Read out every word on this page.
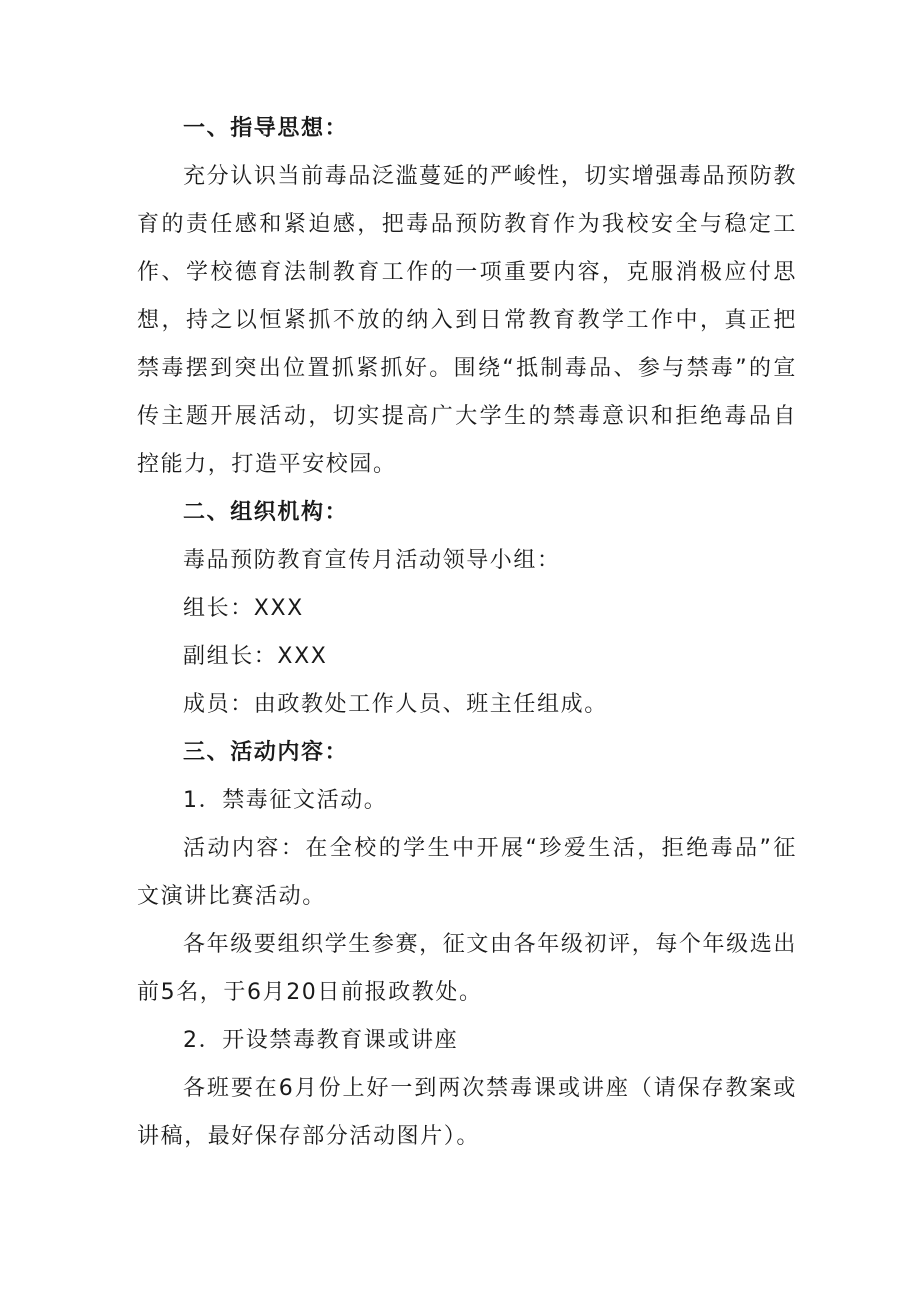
一、指导思想：
充分认识当前毒品泛滥蔓延的严峻性，切实增强毒品预防教育的责任感和紧迫感，把毒品预防教育作为我校安全与稳定工作、学校德育法制教育工作的一项重要内容，克服消极应付思想，持之以恒紧抓不放的纳入到日常教育教学工作中，真正把禁毒摆到突出位置抓紧抓好。围绕“抵制毒品、参与禁毒”的宣传主题开展活动，切实提高广大学生的禁毒意识和拒绝毒品自控能力，打造平安校园。
二、组织机构：
毒品预防教育宣传月活动领导小组：
组长：XXX
副组长：XXX
成员：由政教处工作人员、班主任组成。
三、活动内容：
1．禁毒征文活动。
活动内容：在全校的学生中开展“珍爱生活，拒绝毒品”征文演讲比赛活动。
各年级要组织学生参赛，征文由各年级初评，每个年级选出前5名，于6月20日前报政教处。
2．开设禁毒教育课或讲座
各班要在6月份上好一到两次禁毒课或讲座（请保存教案或讲稿，最好保存部分活动图片）。
